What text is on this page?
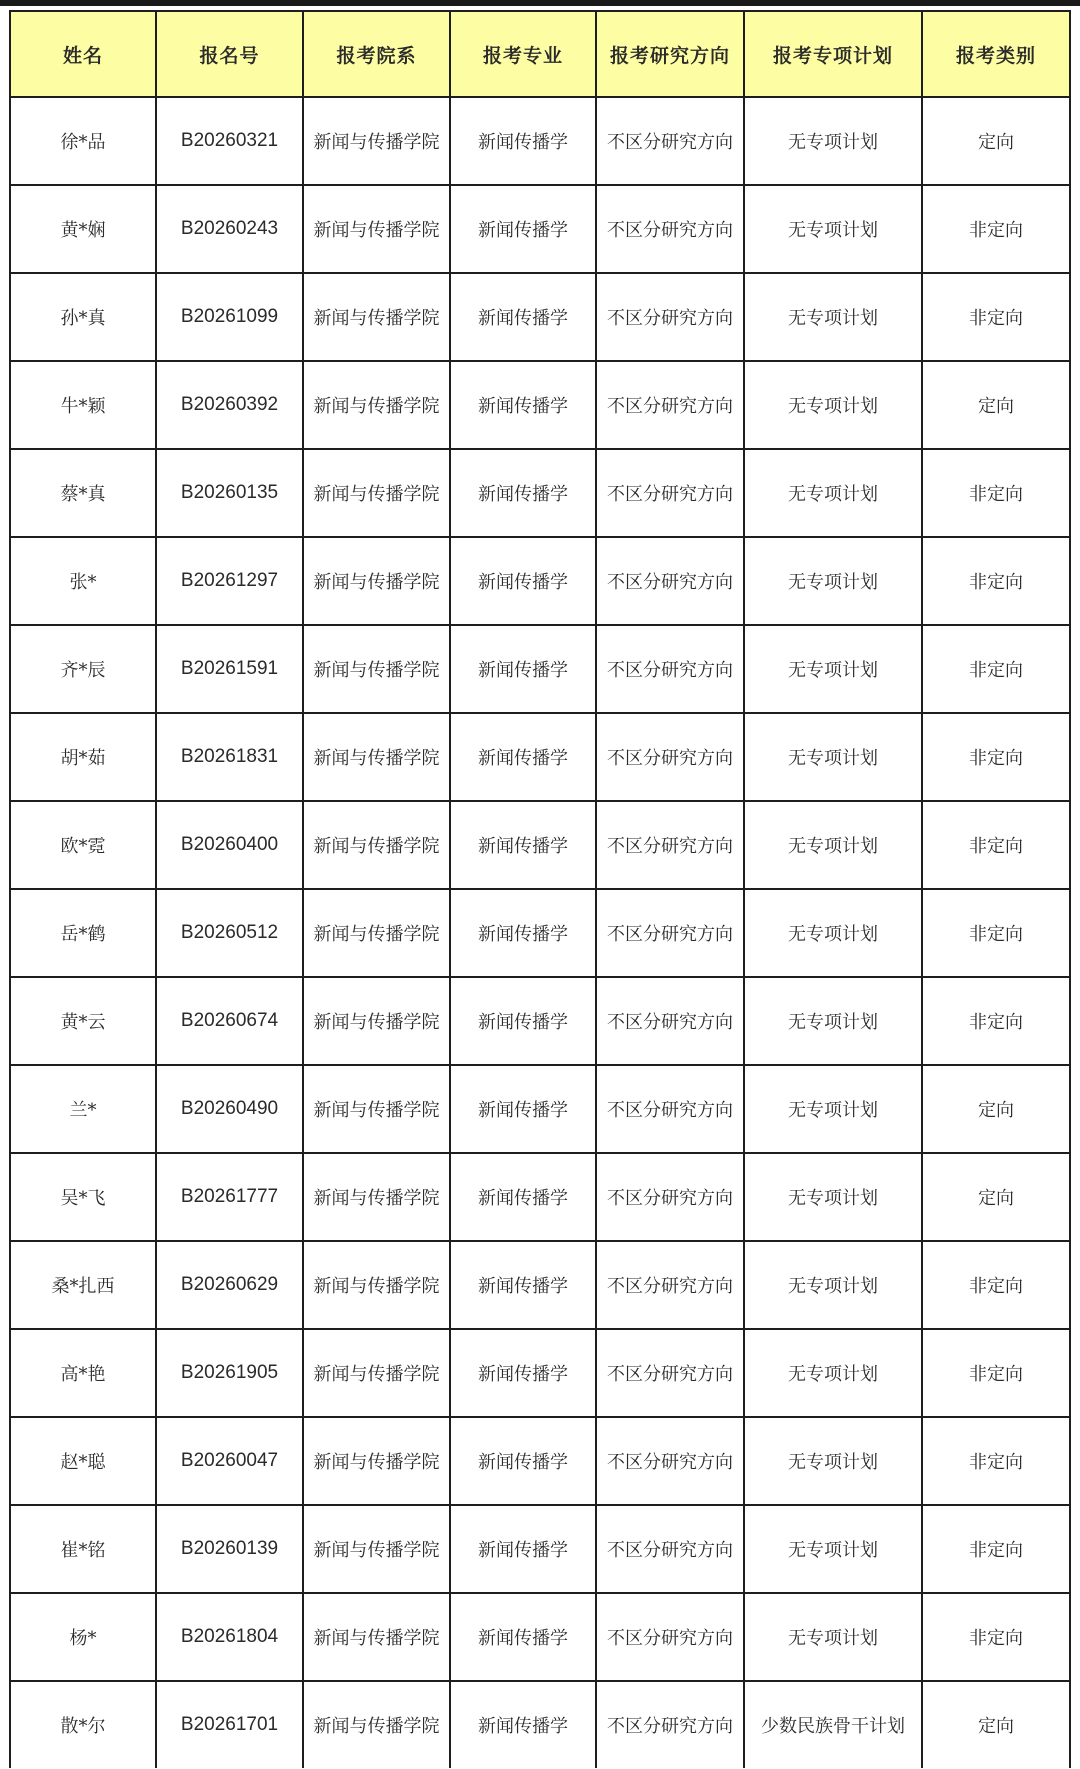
姓名	报名号	报考院系	报考专业	报考研究方向	报考专项计划	报考类别
徐*品	B20260321	新闻与传播学院	新闻传播学	不区分研究方向	无专项计划	定向
黄*娴	B20260243	新闻与传播学院	新闻传播学	不区分研究方向	无专项计划	非定向
孙*真	B20261099	新闻与传播学院	新闻传播学	不区分研究方向	无专项计划	非定向
牛*颖	B20260392	新闻与传播学院	新闻传播学	不区分研究方向	无专项计划	定向
蔡*真	B20260135	新闻与传播学院	新闻传播学	不区分研究方向	无专项计划	非定向
张*	B20261297	新闻与传播学院	新闻传播学	不区分研究方向	无专项计划	非定向
齐*辰	B20261591	新闻与传播学院	新闻传播学	不区分研究方向	无专项计划	非定向
胡*茹	B20261831	新闻与传播学院	新闻传播学	不区分研究方向	无专项计划	非定向
欧*霓	B20260400	新闻与传播学院	新闻传播学	不区分研究方向	无专项计划	非定向
岳*鹤	B20260512	新闻与传播学院	新闻传播学	不区分研究方向	无专项计划	非定向
黄*云	B20260674	新闻与传播学院	新闻传播学	不区分研究方向	无专项计划	非定向
兰*	B20260490	新闻与传播学院	新闻传播学	不区分研究方向	无专项计划	定向
吴*飞	B20261777	新闻与传播学院	新闻传播学	不区分研究方向	无专项计划	定向
桑*扎西	B20260629	新闻与传播学院	新闻传播学	不区分研究方向	无专项计划	非定向
高*艳	B20261905	新闻与传播学院	新闻传播学	不区分研究方向	无专项计划	非定向
赵*聪	B20260047	新闻与传播学院	新闻传播学	不区分研究方向	无专项计划	非定向
崔*铭	B20260139	新闻与传播学院	新闻传播学	不区分研究方向	无专项计划	非定向
杨*	B20261804	新闻与传播学院	新闻传播学	不区分研究方向	无专项计划	非定向
散*尔	B20261701	新闻与传播学院	新闻传播学	不区分研究方向	少数民族骨干计划	定向
